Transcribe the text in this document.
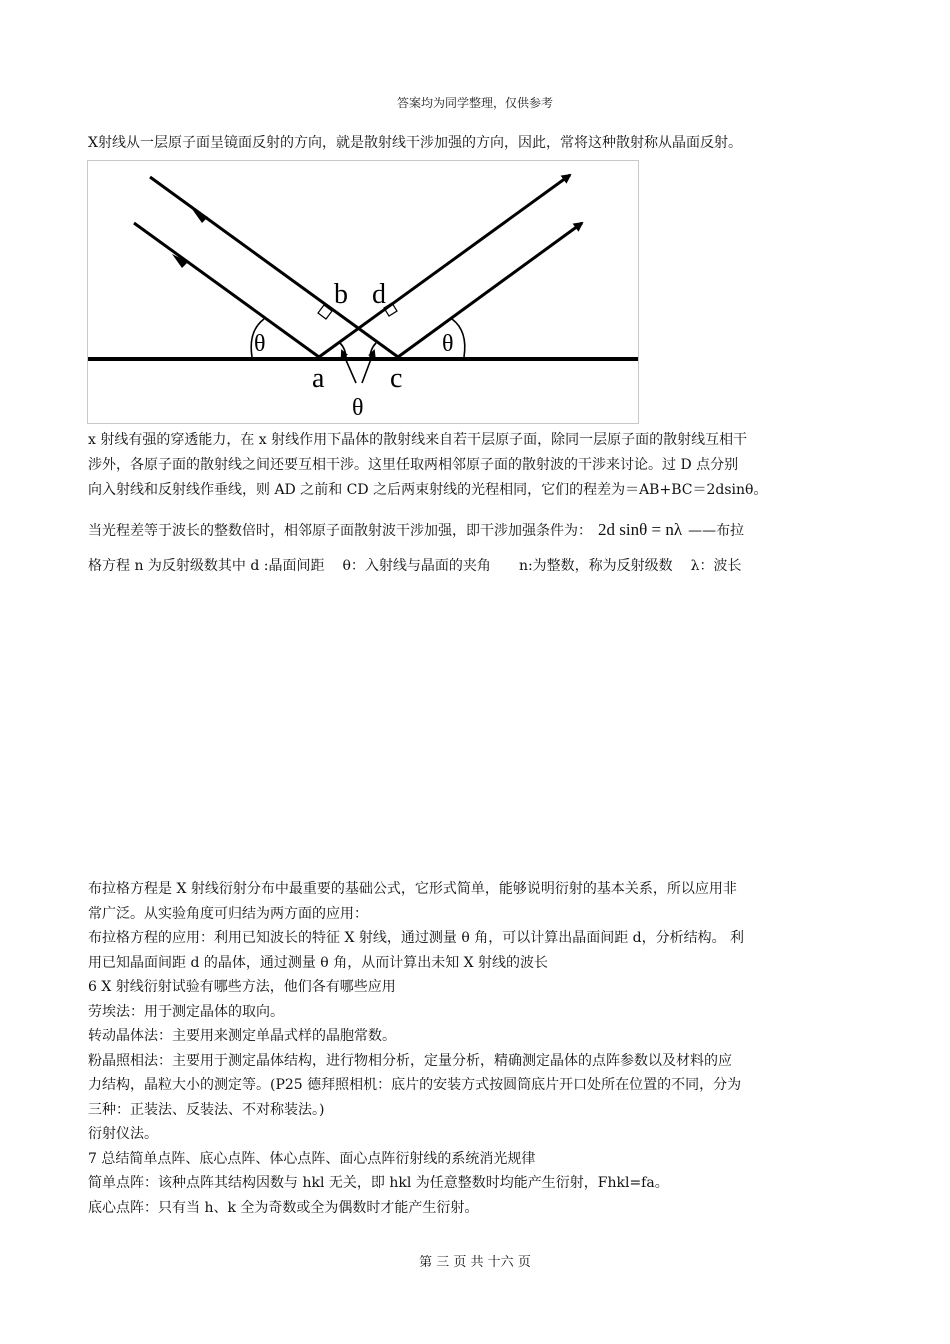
答案均为同学整理，仅供参考
X射线从一层原子面呈镜面反射的方向，就是散射线干涉加强的方向，因此，常将这种散射称从晶面反射。
b d
a c
θ	θ
θ
x 射线有强的穿透能力，在 x 射线作用下晶体的散射线来自若干层原子面，除同一层原子面的散射线互相干
涉外，各原子面的散射线之间还要互相干涉。这里任取两相邻原子面的散射波的干涉来讨论。过 D 点分别
向入射线和反射线作垂线，则 AD 之前和 CD 之后两束射线的光程相同，它们的程差为＝AB+BC＝2dsinθ。
当光程差等于波长的整数倍时，相邻原子面散射波干涉加强，即干涉加强条件为： 2d sinθ = nλ ——布拉
格方程 n 为反射级数其中 d :晶面间距 θ：入射线与晶面的夹角 n:为整数，称为反射级数 λ：波长
布拉格方程是 X 射线衍射分布中最重要的基础公式，它形式简单，能够说明衍射的基本关系，所以应用非
常广泛。从实验角度可归结为两方面的应用：
布拉格方程的应用：利用已知波长的特征 X 射线，通过测量 θ 角，可以计算出晶面间距 d，分析结构。 利
用已知晶面间距 d 的晶体，通过测量 θ 角，从而计算出未知 X 射线的波长
6 X 射线衍射试验有哪些方法，他们各有哪些应用
劳埃法：用于测定晶体的取向。
转动晶体法：主要用来测定单晶式样的晶胞常数。
粉晶照相法：主要用于测定晶体结构，进行物相分析，定量分析，精确测定晶体的点阵参数以及材料的应
力结构，晶粒大小的测定等。(P25 德拜照相机：底片的安装方式按圆筒底片开口处所在位置的不同，分为
三种：正装法、反装法、不对称装法。)
衍射仪法。
7 总结简单点阵、底心点阵、体心点阵、面心点阵衍射线的系统消光规律
简单点阵：该种点阵其结构因数与 hkl 无关，即 hkl 为任意整数时均能产生衍射，Fhkl=fa。
底心点阵：只有当 h、k 全为奇数或全为偶数时才能产生衍射。
第 三 页 共 十六 页
